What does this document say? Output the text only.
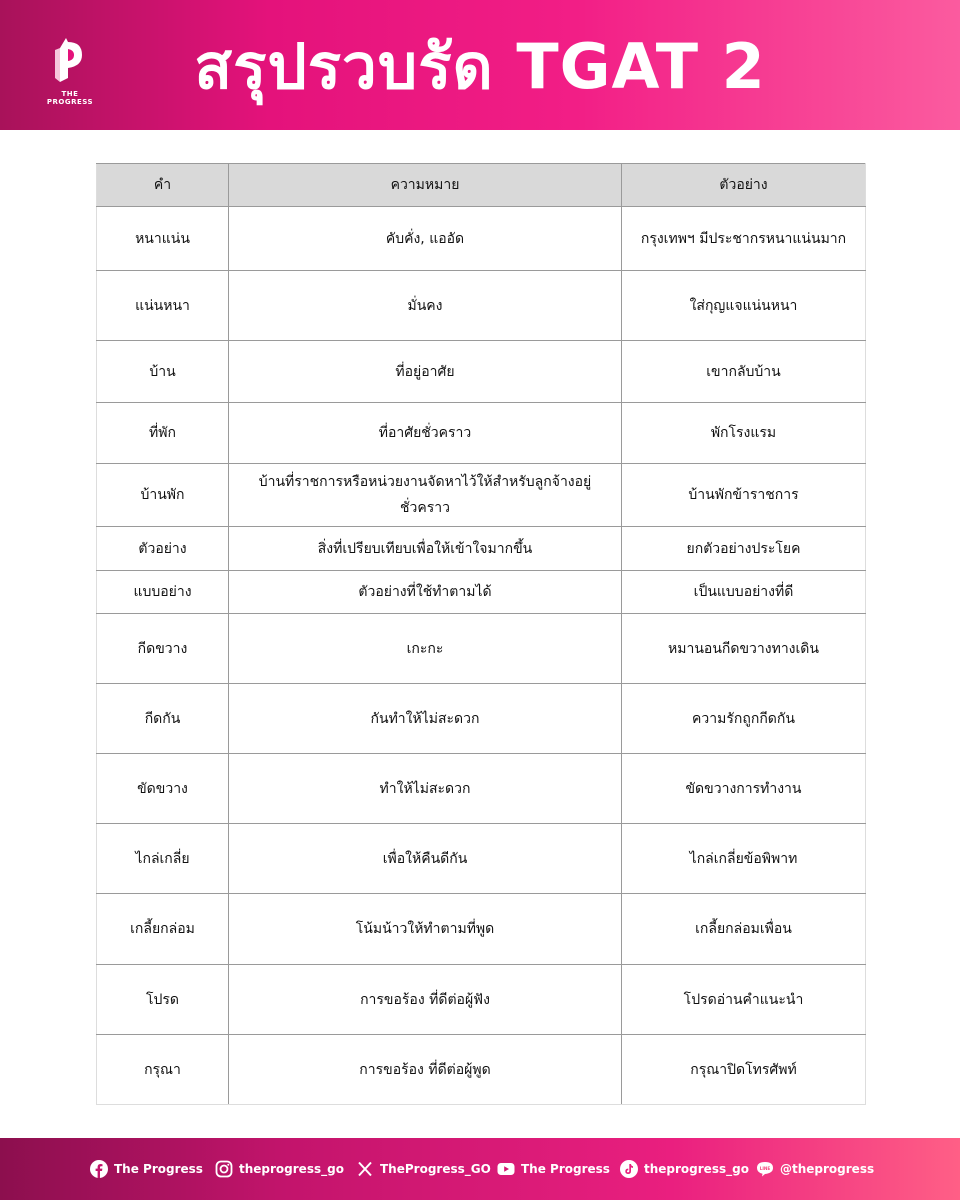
THE PROGRESS	สรุปรวบรัด TGAT 2
คำ	ความหมาย	ตัวอย่าง
หนาแน่น	คับคั่ง, แออัด	กรุงเทพฯ มีประชากรหนาแน่นมาก
แน่นหนา	มั่นคง	ใส่กุญแจแน่นหนา
บ้าน	ที่อยู่อาศัย	เขากลับบ้าน
ที่พัก	ที่อาศัยชั่วคราว	พักโรงแรม
บ้านพัก	บ้านที่ราชการหรือหน่วยงานจัดหาไว้ให้สำหรับลูกจ้างอยู่ชั่วคราว	บ้านพักข้าราชการ
ตัวอย่าง	สิ่งที่เปรียบเทียบเพื่อให้เข้าใจมากขึ้น	ยกตัวอย่างประโยค
แบบอย่าง	ตัวอย่างที่ใช้ทำตามได้	เป็นแบบอย่างที่ดี
กีดขวาง	เกะกะ	หมานอนกีดขวางทางเดิน
กีดกัน	กันทำให้ไม่สะดวก	ความรักถูกกีดกัน
ขัดขวาง	ทำให้ไม่สะดวก	ขัดขวางการทำงาน
ไกล่เกลี่ย	เพื่อให้คืนดีกัน	ไกล่เกลี่ยข้อพิพาท
เกลี้ยกล่อม	โน้มน้าวให้ทำตามที่พูด	เกลี้ยกล่อมเพื่อน
โปรด	การขอร้อง ที่ดีต่อผู้ฟัง	โปรดอ่านคำแนะนำ
กรุณา	การขอร้อง ที่ดีต่อผู้พูด	กรุณาปิดโทรศัพท์
The Progress	theprogress_go	TheProgress_GO	The Progress	theprogress_go	LINE @theprogress
